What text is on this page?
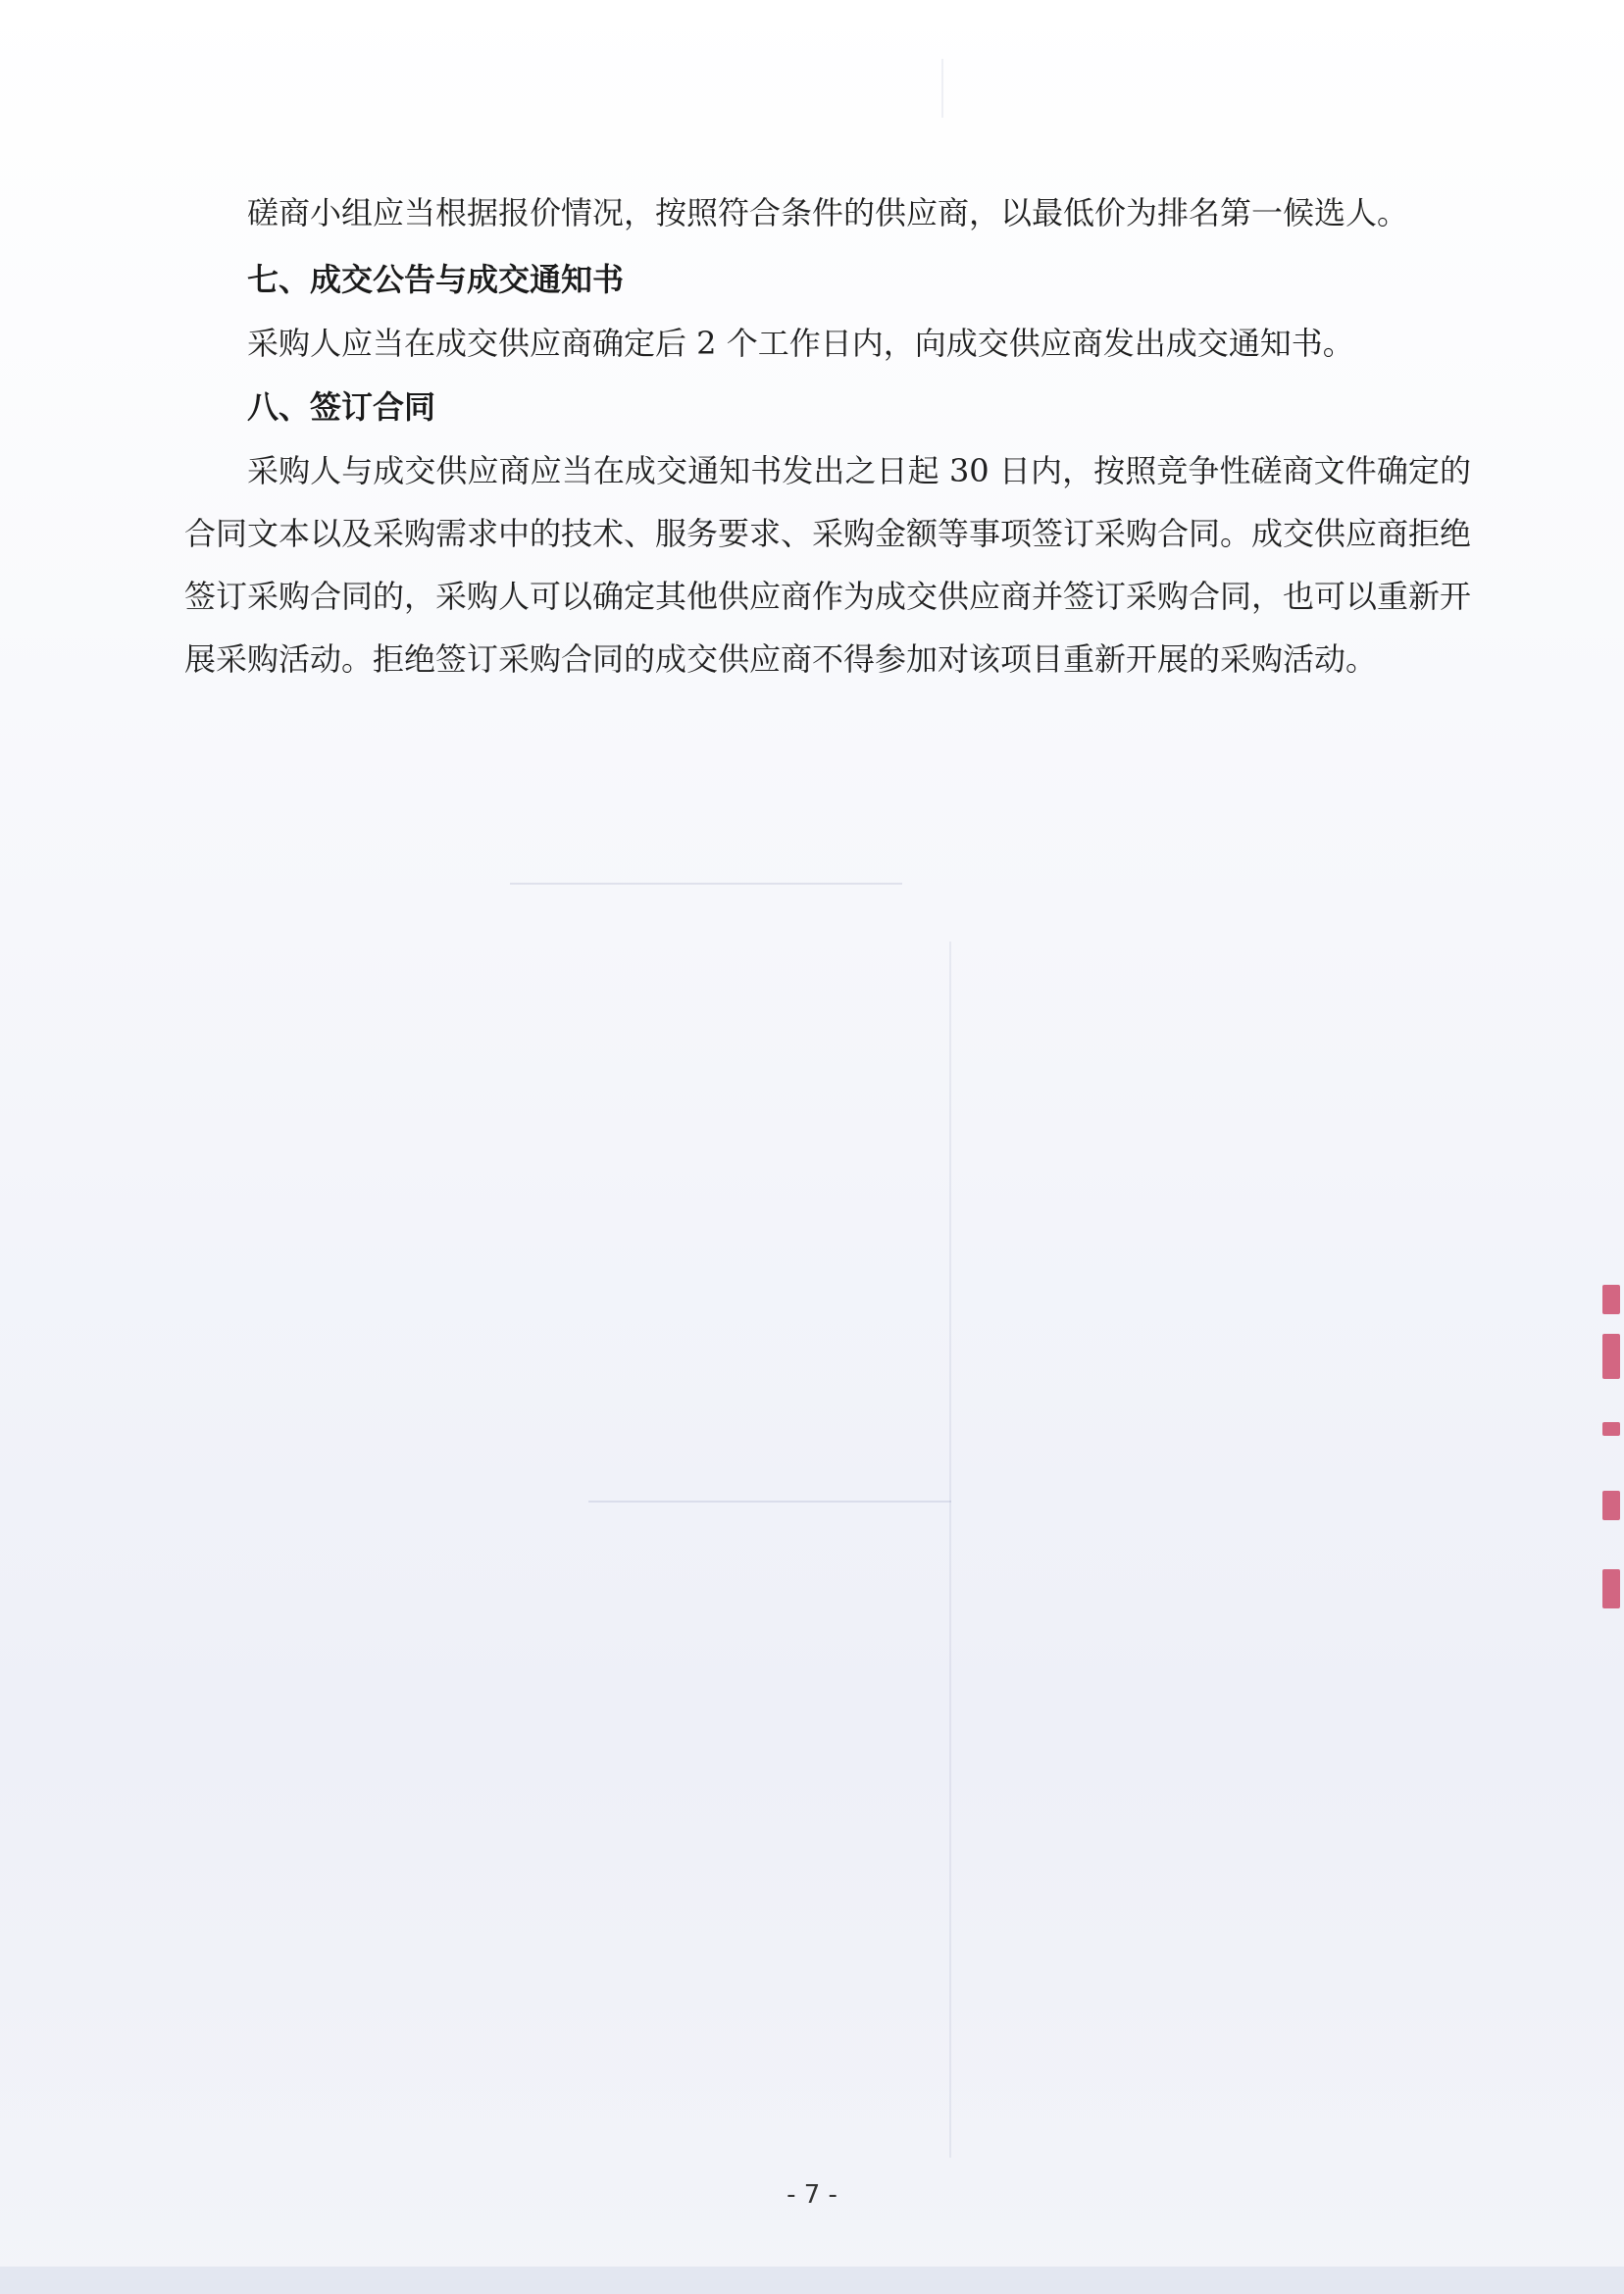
磋商小组应当根据报价情况，按照符合条件的供应商，以最低价为排名第一候选人。

七、成交公告与成交通知书

采购人应当在成交供应商确定后 2 个工作日内，向成交供应商发出成交通知书。

八、签订合同

采购人与成交供应商应当在成交通知书发出之日起 30 日内，按照竞争性磋商文件确定的合同文本以及采购需求中的技术、服务要求、采购金额等事项签订采购合同。成交供应商拒绝签订采购合同的，采购人可以确定其他供应商作为成交供应商并签订采购合同，也可以重新开展采购活动。拒绝签订采购合同的成交供应商不得参加对该项目重新开展的采购活动。

- 7 -
